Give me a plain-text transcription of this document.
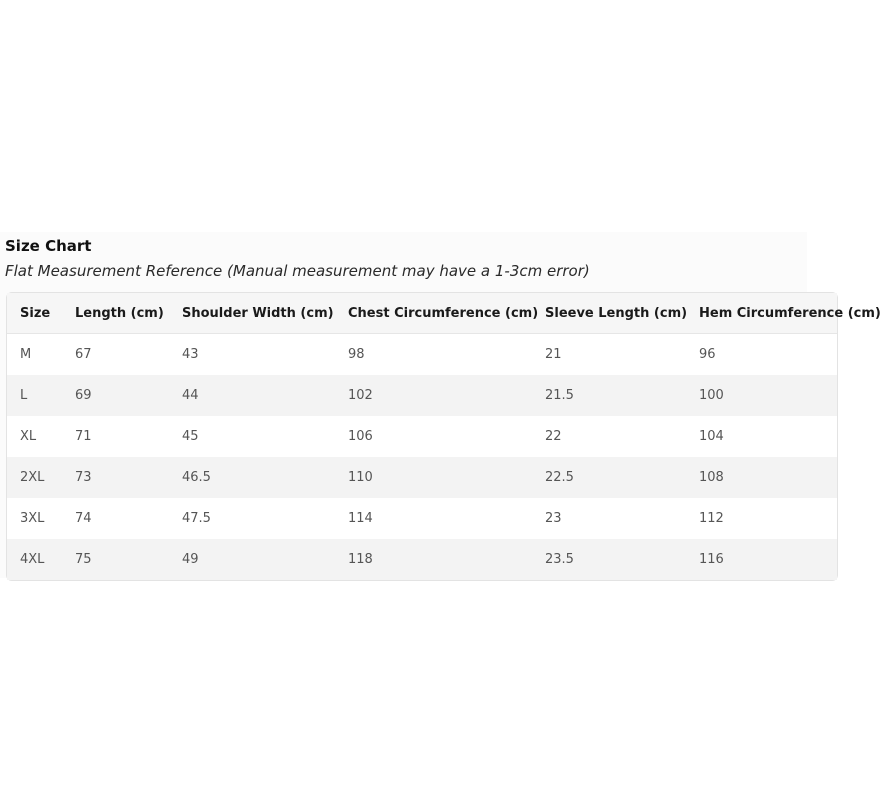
Size Chart
Flat Measurement Reference (Manual measurement may have a 1-3cm error)
Size	Length (cm)	Shoulder Width (cm)	Chest Circumference (cm)	Sleeve Length (cm)	Hem Circumference (cm)
M	67	43	98	21	96
L	69	44	102	21.5	100
XL	71	45	106	22	104
2XL	73	46.5	110	22.5	108
3XL	74	47.5	114	23	112
4XL	75	49	118	23.5	116
